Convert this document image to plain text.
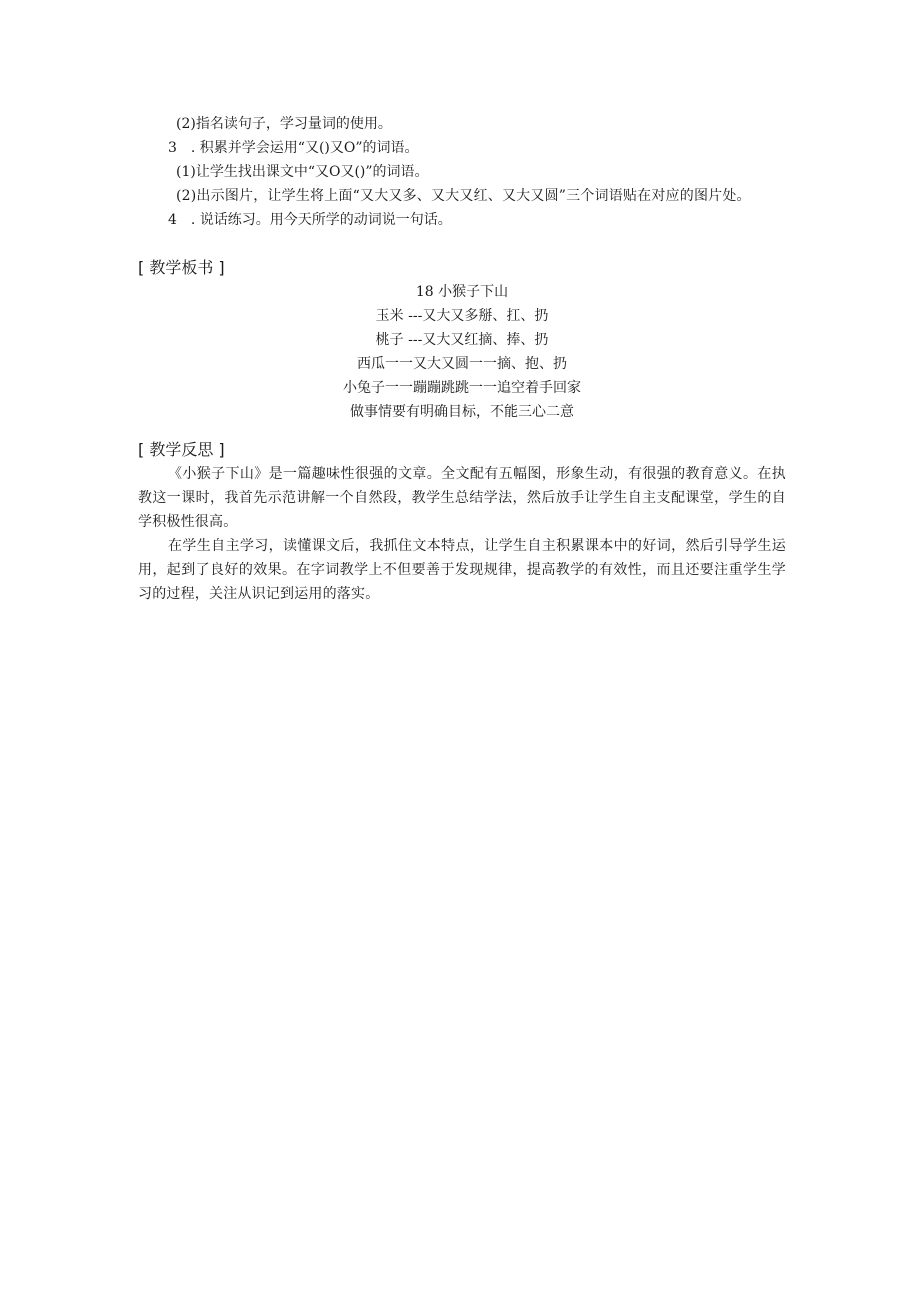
(2)指名读句子，学习量词的使用。

3　. 积累并学会运用“又()又O”的词语。

(1)让学生找出课文中“又O又()”的词语。

(2)出示图片，让学生将上面“又大又多、又大又红、又大又圆”三个词语贴在对应的图片处。

4　. 说话练习。用今天所学的动词说一句话。

[ 教学板书 ]

18 小猴子下山

玉米 ---又大又多掰、扛、扔

桃子 ---又大又红摘、捧、扔

西瓜一一又大又圆一一摘、抱、扔

小兔子一一蹦蹦跳跳一一追空着手回家

做事情要有明确目标，不能三心二意

[ 教学反思 ]

《小猴子下山》是一篇趣味性很强的文章。全文配有五幅图，形象生动，有很强的教育意义。在执教这一课时，我首先示范讲解一个自然段，教学生总结学法，然后放手让学生自主支配课堂，学生的自学积极性很高。

在学生自主学习，读懂课文后，我抓住文本特点，让学生自主积累课本中的好词，然后引导学生运用，起到了良好的效果。在字词教学上不但要善于发现规律，提高教学的有效性，而且还要注重学生学习的过程，关注从识记到运用的落实。
